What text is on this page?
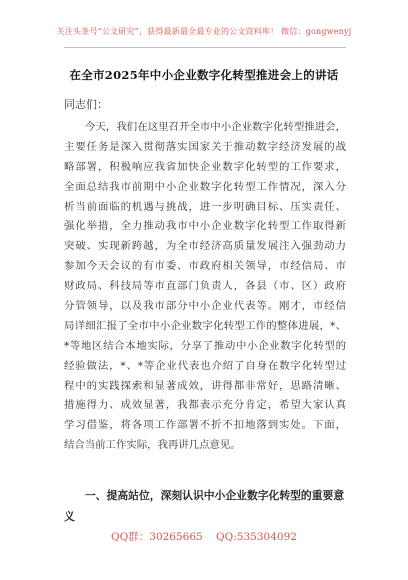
关注头条号“公文研究”，获得最新最全最专业的公文资料库！ 微信：gongwenyj
在全市2025年中小企业数字化转型推进会上的讲话
同志们：
今天，我们在这里召开全市中小企业数字化转型推进会，
主要任务是深入贯彻落实国家关于推动数字经济发展的战
略部署，积极响应我省加快企业数字化转型的工作要求，
全面总结我市前期中小企业数字化转型工作情况，深入分
析当前面临的机遇与挑战，进一步明确目标、压实责任、
强化举措，全力推动我市中小企业数字化转型工作取得新
突破、实现新跨越，为全市经济高质量发展注入强劲动力
参加今天会议的有市委、市政府相关领导，市经信局、市
财政局、科技局等市直部门负责人，各县（市、区）政府
分管领导，以及我市部分中小企业代表等。刚才，市经信
局详细汇报了全市中小企业数字化转型工作的整体进展，*、
*等地区结合本地实际，分享了推动中小企业数字化转型的
经验做法，*、*等企业代表也介绍了自身在数字化转型过
程中的实践探索和显著成效，讲得都非常好，思路清晰、
措施得力、成效显著，我都表示充分肯定，希望大家认真
学习借鉴，将各项工作部署不折不扣地落到实处。下面，
结合当前工作实际，我再讲几点意见。
一、提高站位，深刻认识中小企业数字化转型的重要意
义
QQ群：30265665    QQ:535304092
